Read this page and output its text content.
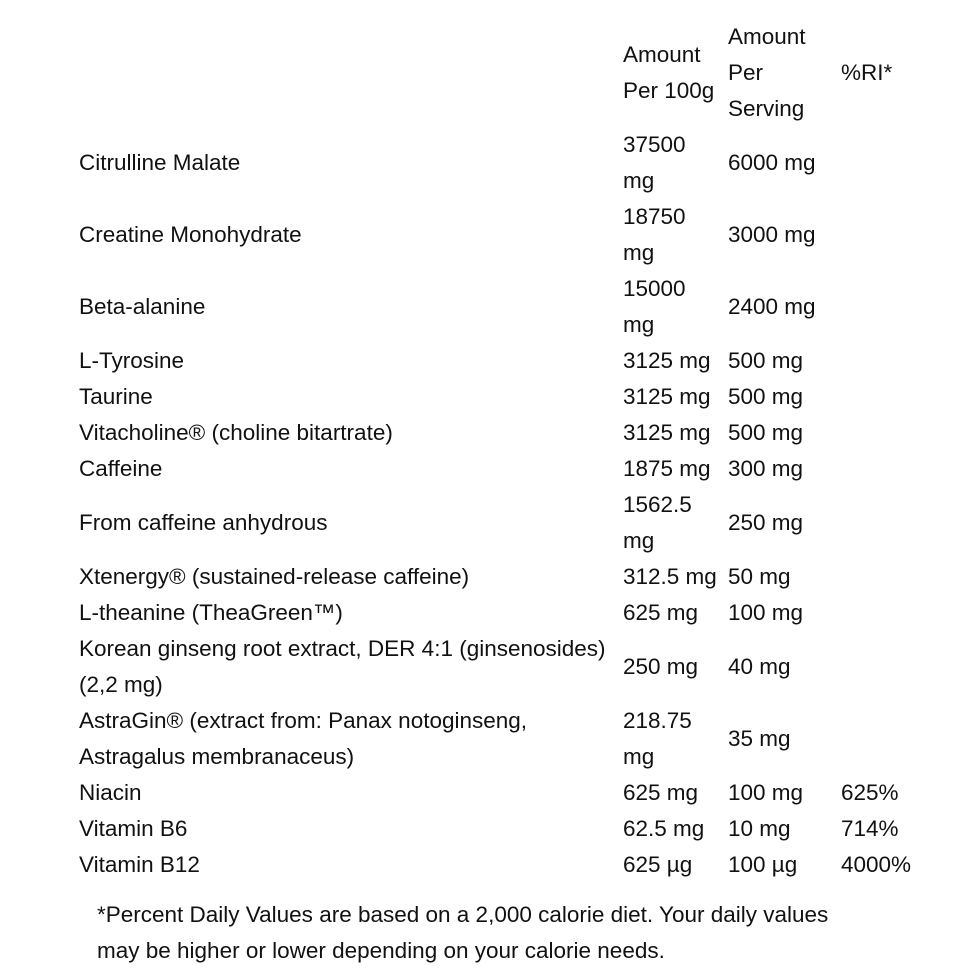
	Amount Per 100g	Amount Per Serving	%RI*
Citrulline Malate	37500 mg	6000 mg	
Creatine Monohydrate	18750 mg	3000 mg	
Beta-alanine	15000 mg	2400 mg	
L-Tyrosine	3125 mg	500 mg	
Taurine	3125 mg	500 mg	
Vitacholine® (choline bitartrate)	3125 mg	500 mg	
Caffeine	1875 mg	300 mg	
From caffeine anhydrous	1562.5 mg	250 mg	
Xtenergy® (sustained-release caffeine)	312.5 mg	50 mg	
L-theanine (TheaGreen™)	625 mg	100 mg	
Korean ginseng root extract, DER 4:1 (ginsenosides) (2,2 mg)	250 mg	40 mg	
AstraGin® (extract from: Panax notoginseng, Astragalus membranaceus)	218.75 mg	35 mg	
Niacin	625 mg	100 mg	625%
Vitamin B6	62.5 mg	10 mg	714%
Vitamin B12	625 µg	100 µg	4000%
*Percent Daily Values are based on a 2,000 calorie diet. Your daily values may be higher or lower depending on your calorie needs.
